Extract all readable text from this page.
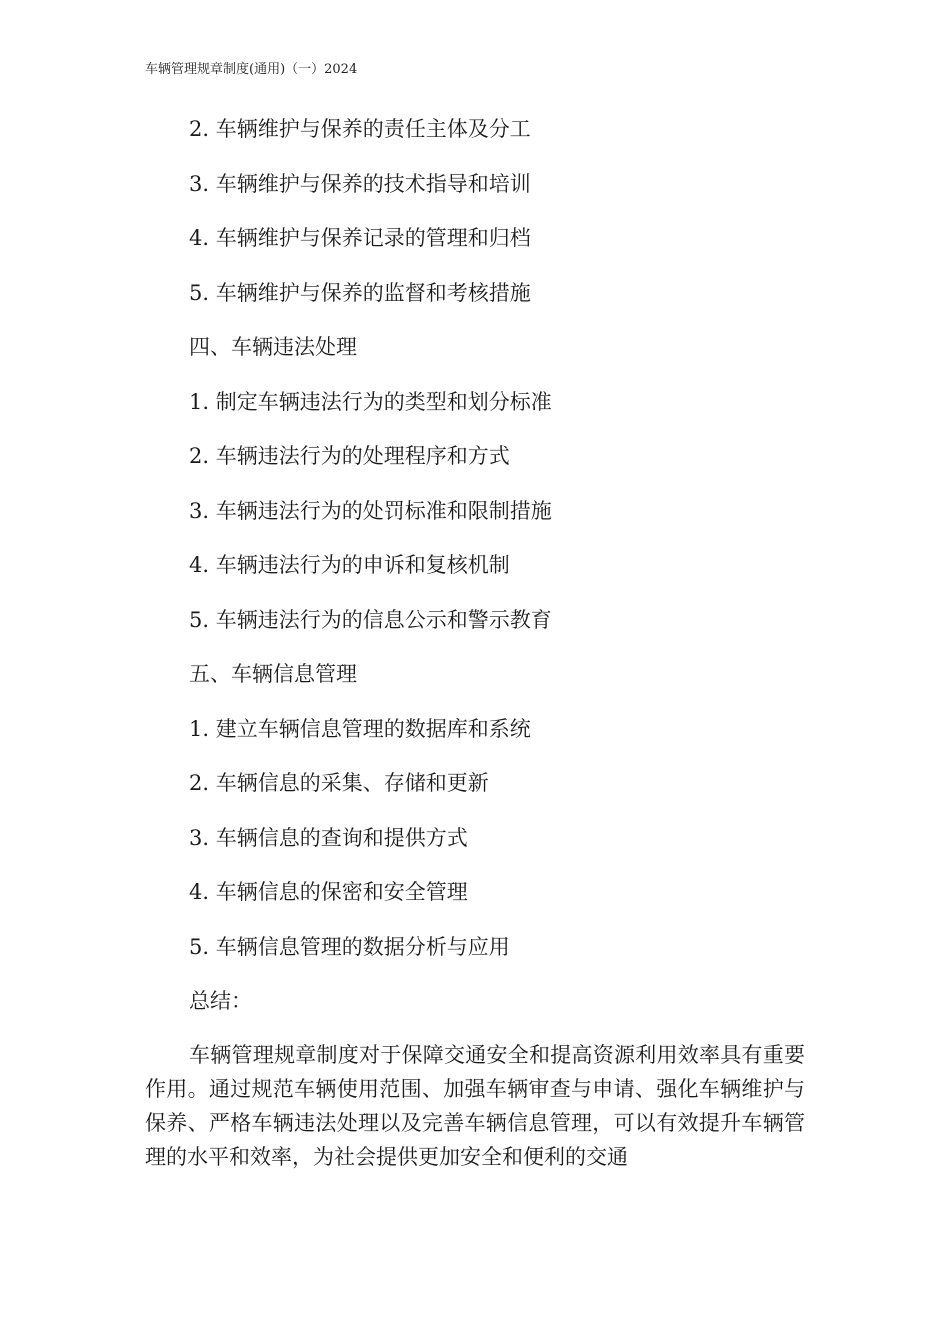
车辆管理规章制度(通用)（一）2024
2. 车辆维护与保养的责任主体及分工
3. 车辆维护与保养的技术指导和培训
4. 车辆维护与保养记录的管理和归档
5. 车辆维护与保养的监督和考核措施
四、车辆违法处理
1. 制定车辆违法行为的类型和划分标准
2. 车辆违法行为的处理程序和方式
3. 车辆违法行为的处罚标准和限制措施
4. 车辆违法行为的申诉和复核机制
5. 车辆违法行为的信息公示和警示教育
五、车辆信息管理
1. 建立车辆信息管理的数据库和系统
2. 车辆信息的采集、存储和更新
3. 车辆信息的查询和提供方式
4. 车辆信息的保密和安全管理
5. 车辆信息管理的数据分析与应用
总结：
车辆管理规章制度对于保障交通安全和提高资源利用效率具有重要作用。通过规范车辆使用范围、加强车辆审查与申请、强化车辆维护与保养、严格车辆违法处理以及完善车辆信息管理，可以有效提升车辆管理的水平和效率，为社会提供更加安全和便利的交通
